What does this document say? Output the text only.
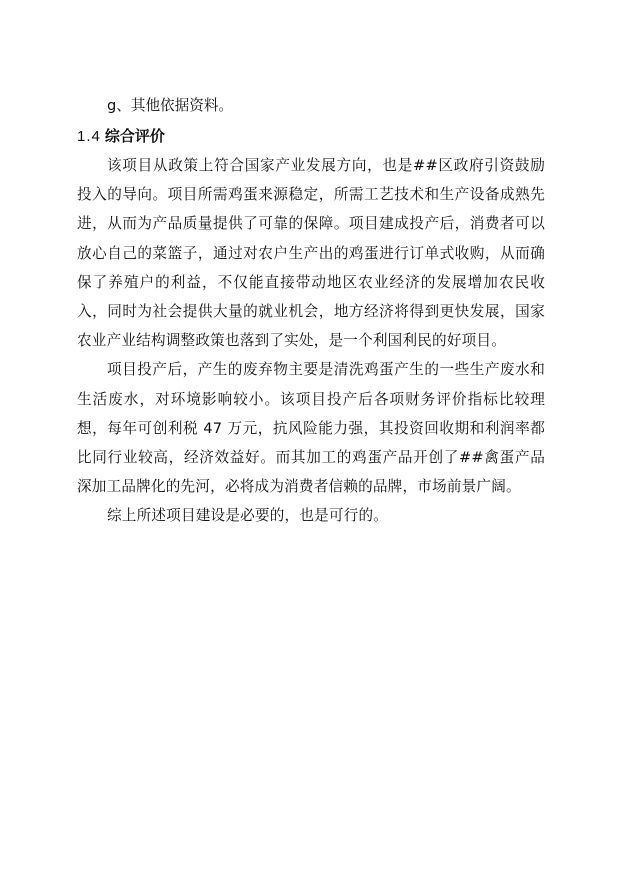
g、其他依据资料。
1.4 综合评价

该项目从政策上符合国家产业发展方向，也是##区政府引资鼓励投入的导向。项目所需鸡蛋来源稳定，所需工艺技术和生产设备成熟先进，从而为产品质量提供了可靠的保障。项目建成投产后，消费者可以放心自己的菜篮子，通过对农户生产出的鸡蛋进行订单式收购，从而确保了养殖户的利益，不仅能直接带动地区农业经济的发展增加农民收入，同时为社会提供大量的就业机会，地方经济将得到更快发展，国家农业产业结构调整政策也落到了实处，是一个利国利民的好项目。

项目投产后，产生的废弃物主要是清洗鸡蛋产生的一些生产废水和生活废水，对环境影响较小。该项目投产后各项财务评价指标比较理想，每年可创利税 47 万元，抗风险能力强，其投资回收期和利润率都比同行业较高，经济效益好。而其加工的鸡蛋产品开创了##禽蛋产品深加工品牌化的先河，必将成为消费者信赖的品牌，市场前景广阔。

综上所述项目建设是必要的，也是可行的。
